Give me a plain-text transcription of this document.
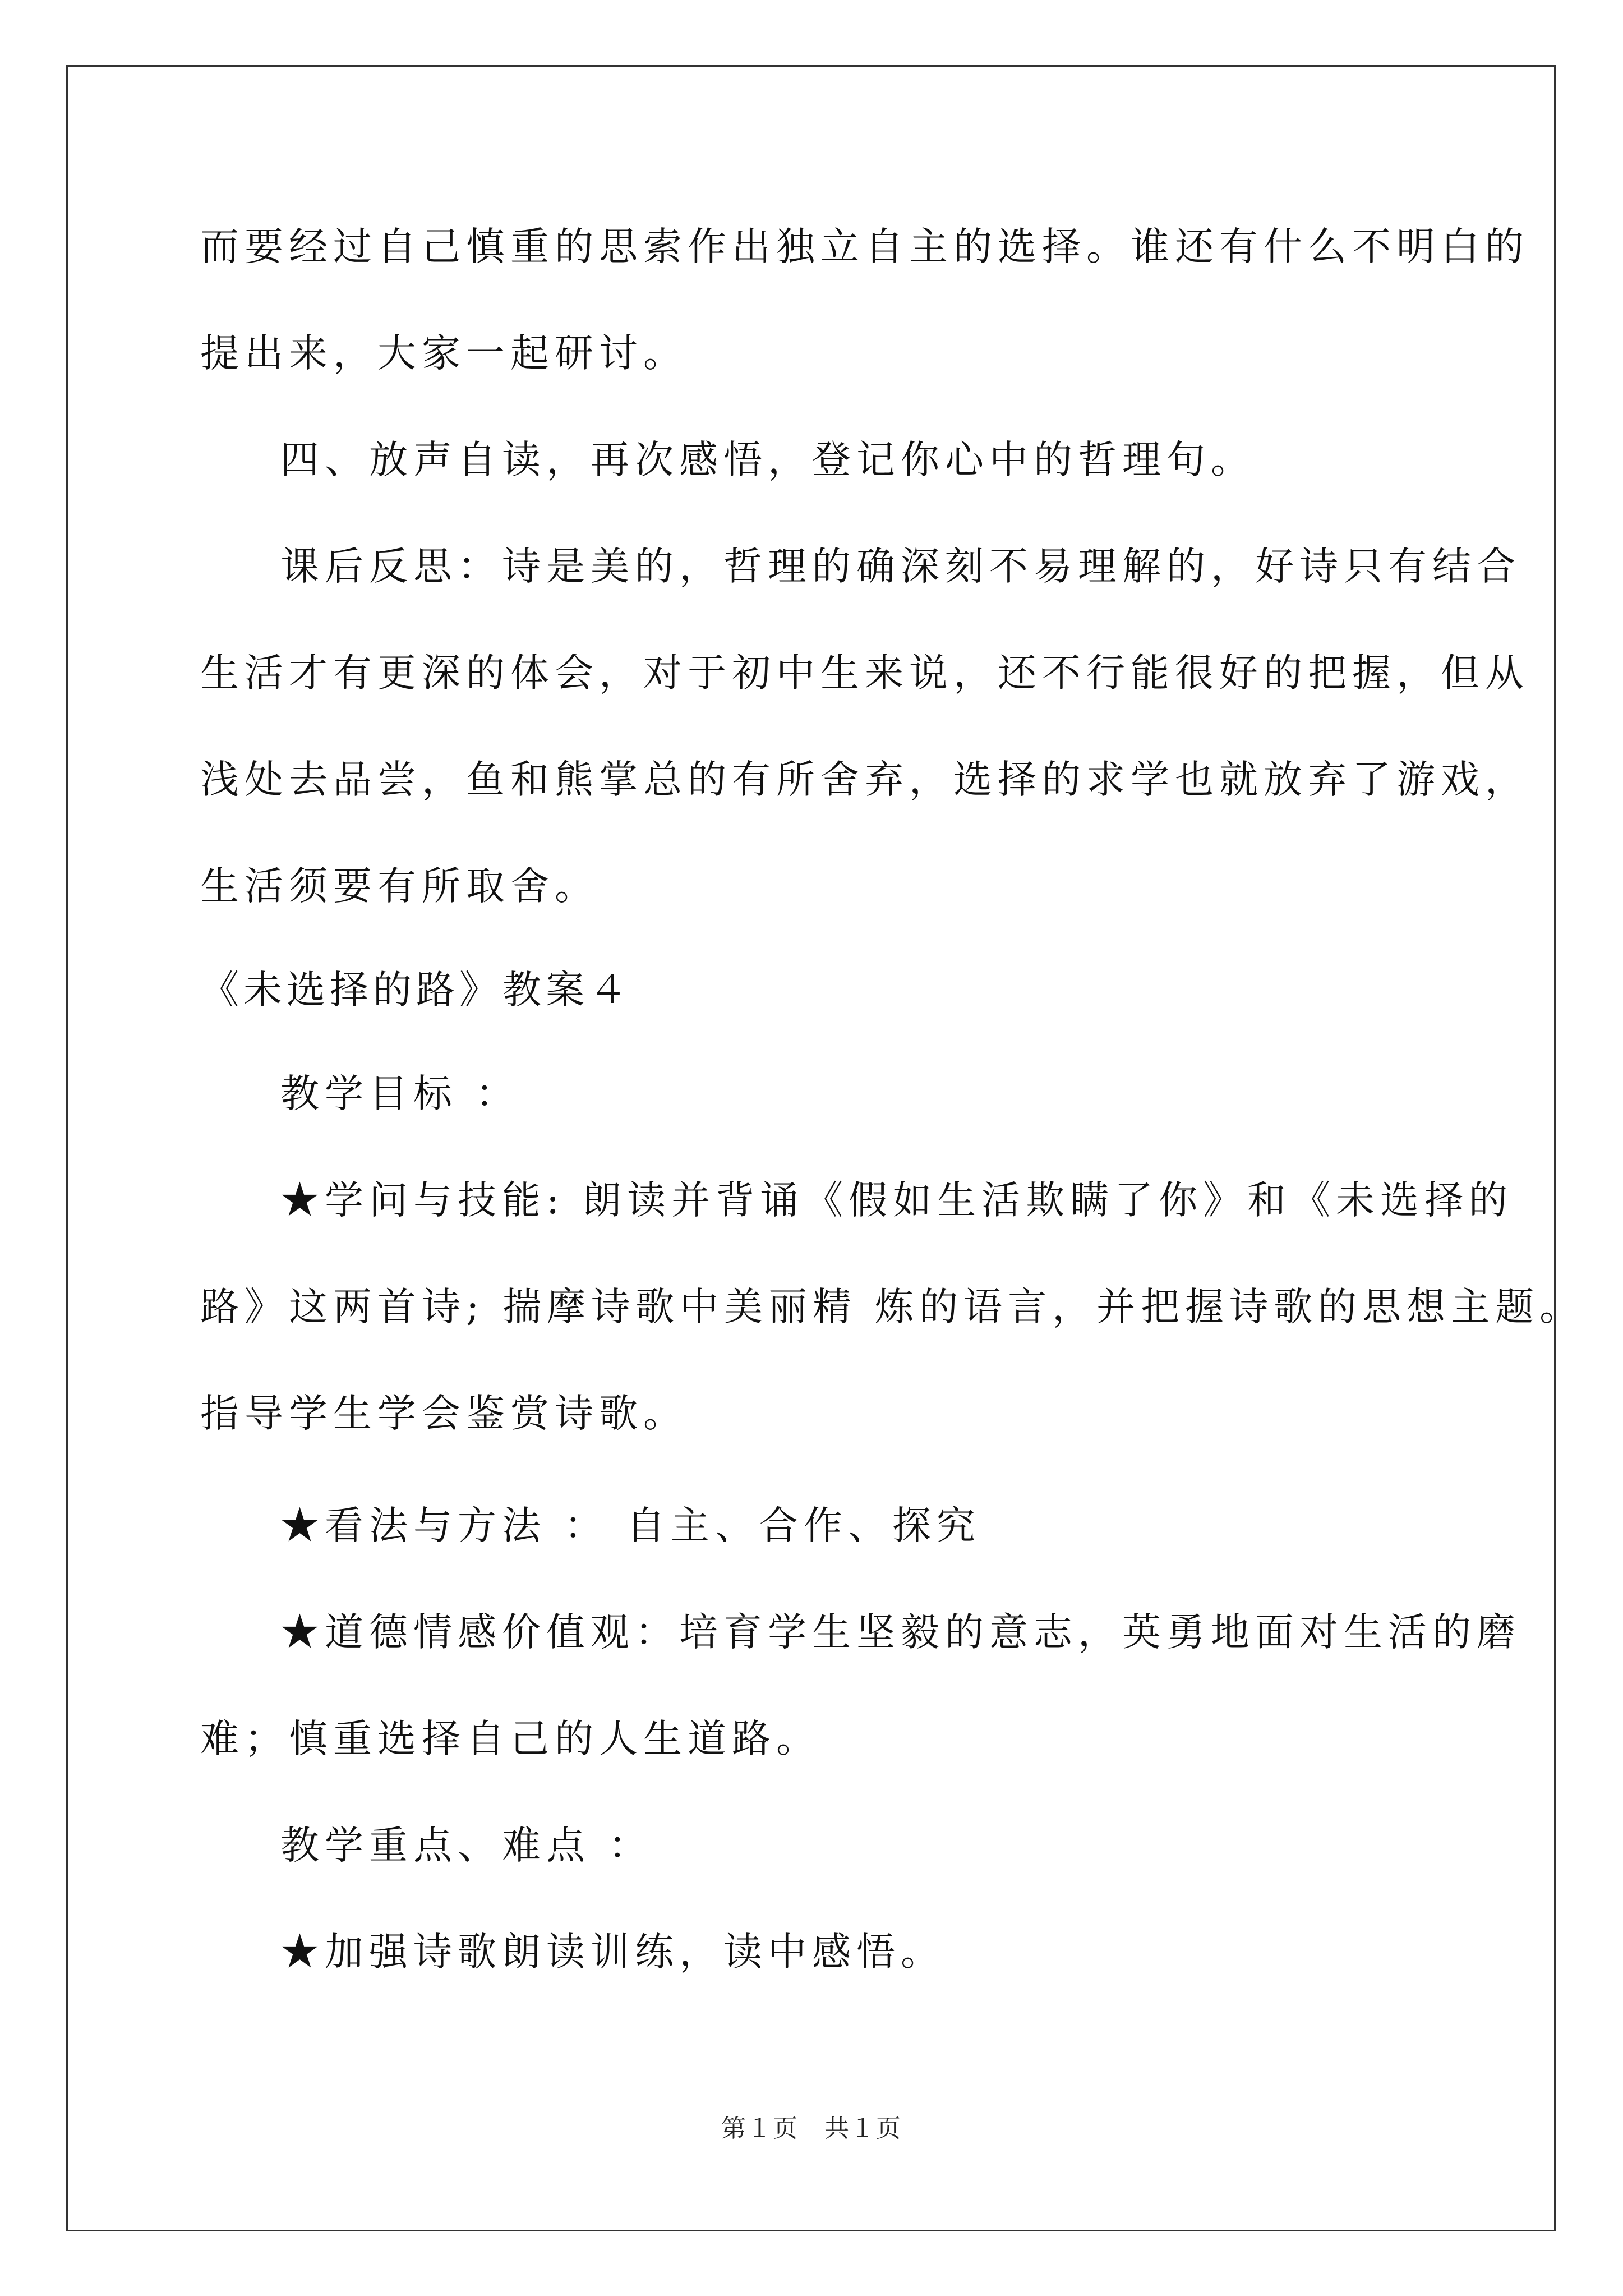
而要经过自己慎重的思索作出独立自主的选择。谁还有什么不明白的
提出来，大家一起研讨。
四、放声自读，再次感悟，登记你心中的哲理句。
课后反思：诗是美的，哲理的确深刻不易理解的，好诗只有结合
生活才有更深的体会，对于初中生来说，还不行能很好的把握，但从
浅处去品尝，鱼和熊掌总的有所舍弃，选择的求学也就放弃了游戏，
生活须要有所取舍。
《未选择的路》教案４
教学目标 ：
★学问与技能: 朗读并背诵《假如生活欺瞒了你》和《未选择的
路》这两首诗; 揣摩诗歌中美丽精 炼的语言，并把握诗歌的思想主题。
指导学生学会鉴赏诗歌。
★看法与方法 ： 自主、合作、探究
★道德情感价值观：培育学生坚毅的意志，英勇地面对生活的磨
难；慎重选择自己的人生道路。
教学重点、难点 ：
★加强诗歌朗读训练，读中感悟。
第１页　共１页
